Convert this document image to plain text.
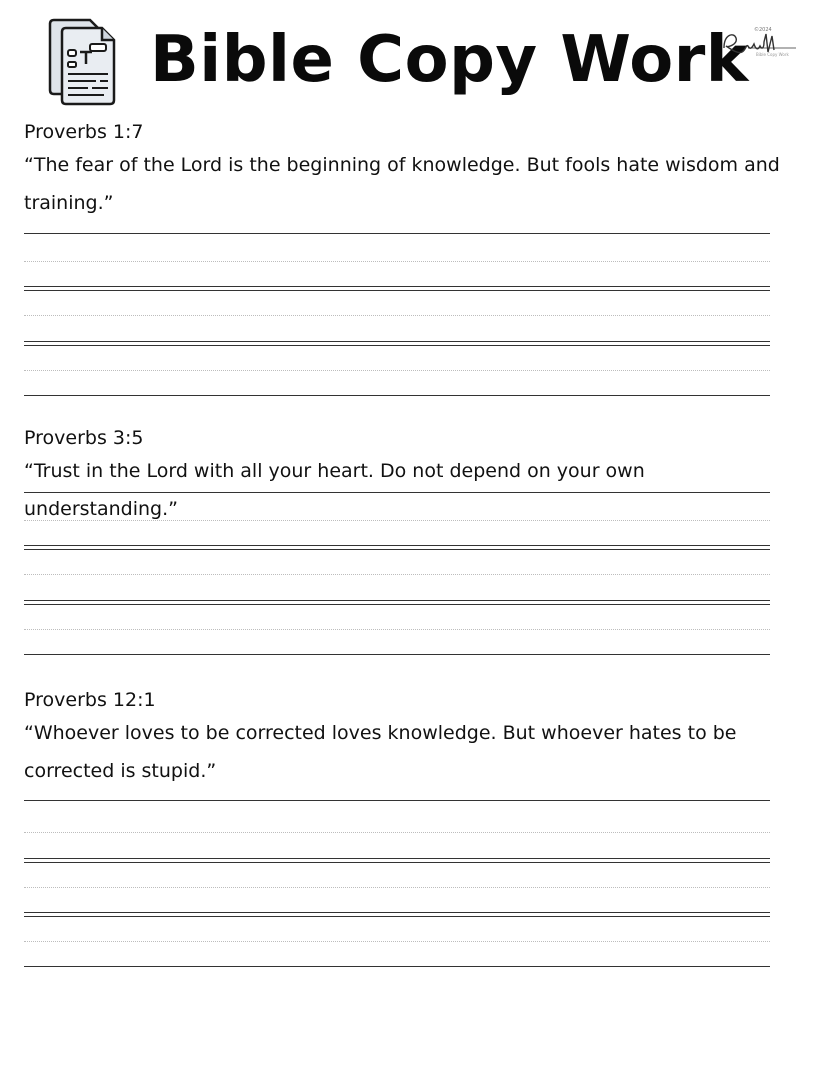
Bible Copy Work ©2024
Bible Copy Work

Proverbs 1:7

“The fear of the Lord is the beginning of knowledge. But fools hate wisdom and

training.”

Proverbs 3:5

“Trust in the Lord with all your heart. Do not depend on your own understanding.”

Proverbs 12:1

“Whoever loves to be corrected loves knowledge. But whoever hates to be

corrected is stupid.”
